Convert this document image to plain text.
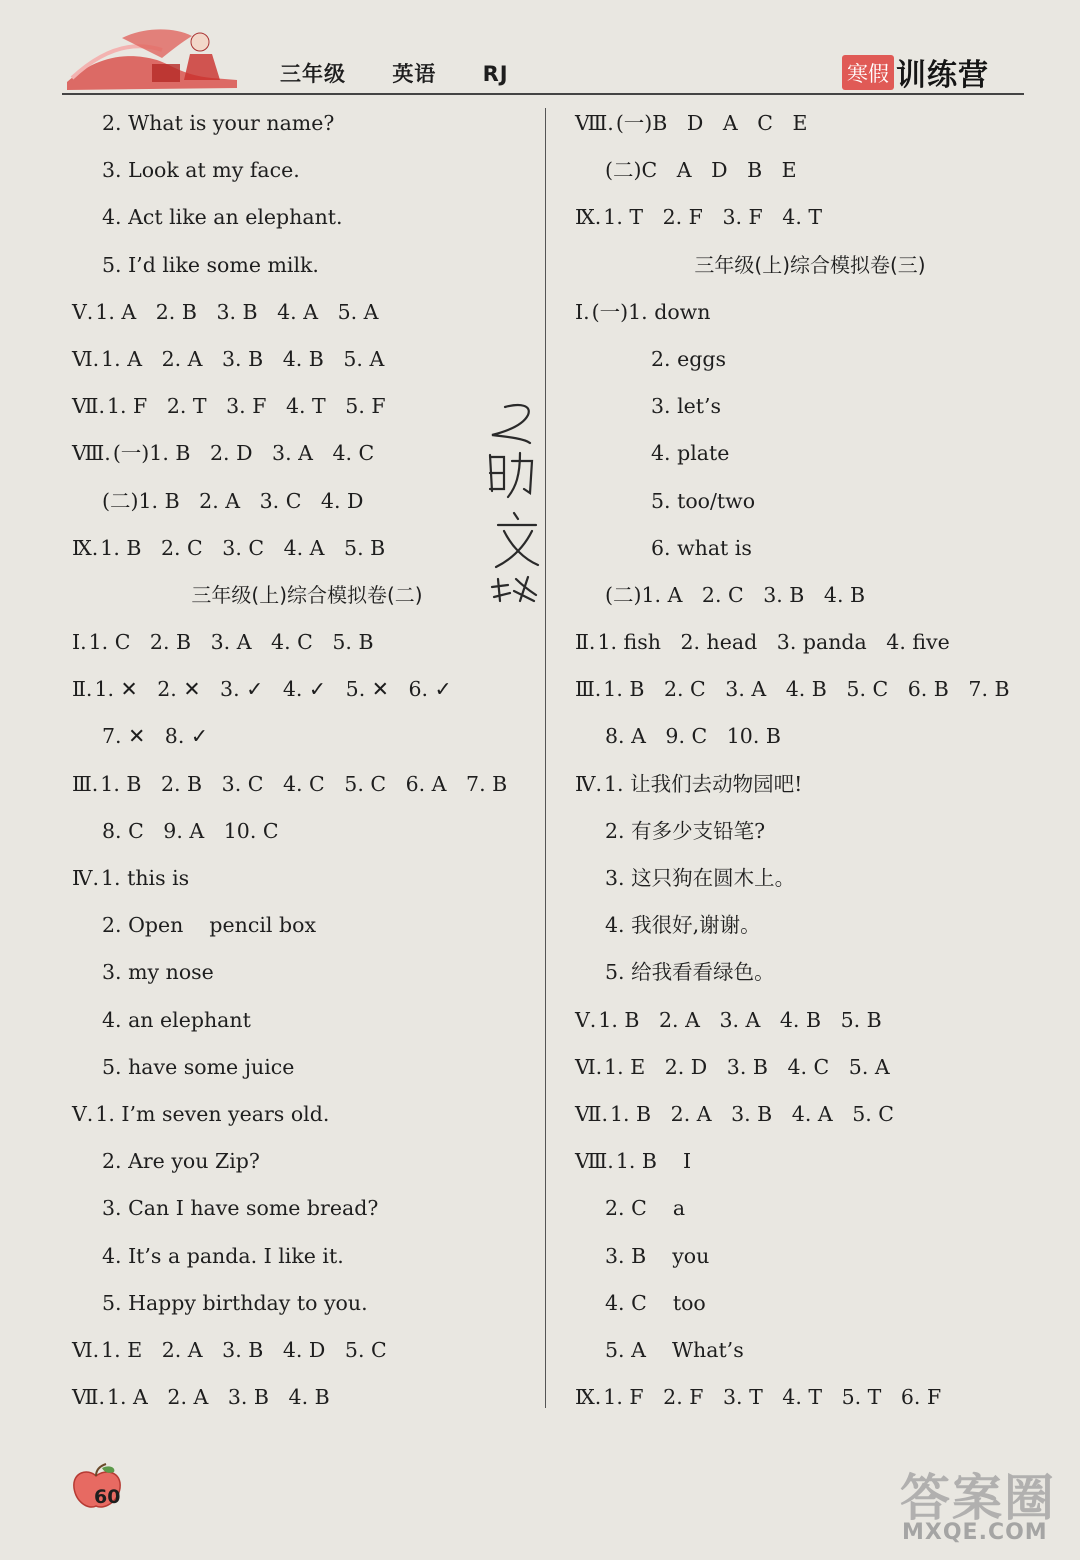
三年级 英语 RJ	寒假 训练营
2. What is your name?
3. Look at my face.
4. Act like an elephant.
5. I’d like some milk.
Ⅴ.1. A   2. B   3. B   4. A   5. A
Ⅵ.1. A   2. A   3. B   4. B   5. A
Ⅶ.1. F   2. T   3. F   4. T   5. F
Ⅷ.(一)1. B   2. D   3. A   4. C
(二)1. B   2. A   3. C   4. D
Ⅸ.1. B   2. C   3. C   4. A   5. B
三年级(上)综合模拟卷(二)
Ⅰ.1. C   2. B   3. A   4. C   5. B
Ⅱ.1. ✕   2. ✕   3. ✓   4. ✓   5. ✕   6. ✓
7. ✕   8. ✓
Ⅲ.1. B   2. B   3. C   4. C   5. C   6. A   7. B
8. C   9. A   10. C
Ⅳ.1. this is
2. Open    pencil box
3. my nose
4. an elephant
5. have some juice
Ⅴ.1. I’m seven years old.
2. Are you Zip?
3. Can I have some bread?
4. It’s a panda. I like it.
5. Happy birthday to you.
Ⅵ.1. E   2. A   3. B   4. D   5. C
Ⅶ.1. A   2. A   3. B   4. B
Ⅷ.(一)B   D   A   C   E
(二)C   A   D   B   E
Ⅸ.1. T   2. F   3. F   4. T
三年级(上)综合模拟卷(三)
Ⅰ.(一)1. down
2. eggs
3. let’s
4. plate
5. too/two
6. what is
(二)1. A   2. C   3. B   4. B
Ⅱ.1. fish   2. head   3. panda   4. five
Ⅲ.1. B   2. C   3. A   4. B   5. C   6. B   7. B
8. A   9. C   10. B
Ⅳ.1. 让我们去动物园吧!
2. 有多少支铅笔?
3. 这只狗在圆木上。
4. 我很好,谢谢。
5. 给我看看绿色。
Ⅴ.1. B   2. A   3. A   4. B   5. B
Ⅵ.1. E   2. D   3. B   4. C   5. A
Ⅶ.1. B   2. A   3. B   4. A   5. C
Ⅷ.1. B    I
2. C    a
3. B    you
4. C    too
5. A    What’s
Ⅸ.1. F   2. F   3. T   4. T   5. T   6. F
60	答案圈
MXQE.COM
